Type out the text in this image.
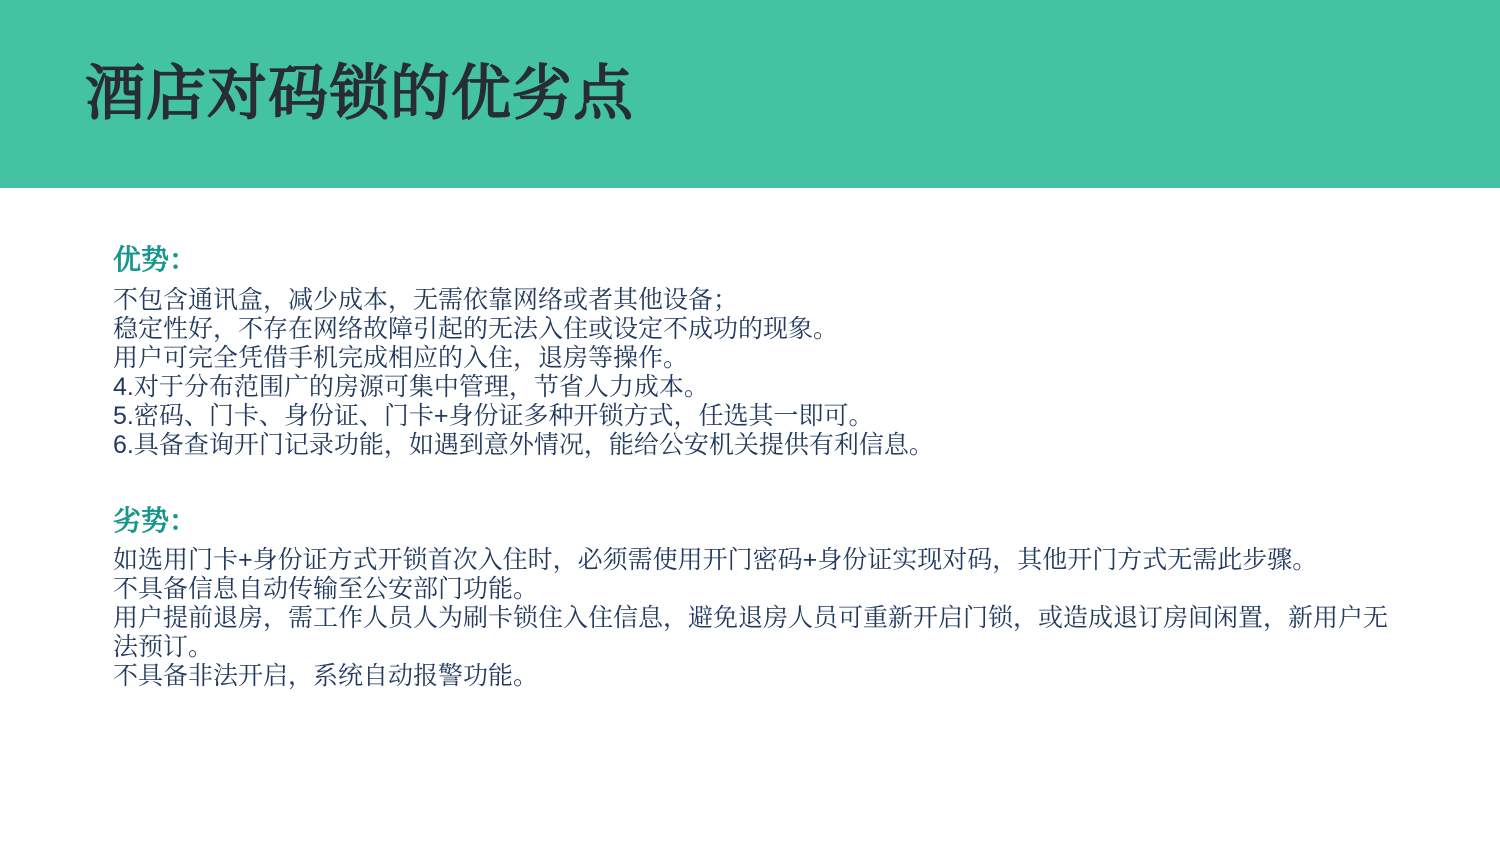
酒店对码锁的优劣点
优势：

不包含通讯盒，减少成本，无需依靠网络或者其他设备；

稳定性好，不存在网络故障引起的无法入住或设定不成功的现象。

用户可完全凭借手机完成相应的入住，退房等操作。

4.对于分布范围广的房源可集中管理，节省人力成本。

5.密码、门卡、身份证、门卡+身份证多种开锁方式，任选其一即可。

6.具备查询开门记录功能，如遇到意外情况，能给公安机关提供有利信息。

劣势：

如选用门卡+身份证方式开锁首次入住时，必须需使用开门密码+身份证实现对码，其他开门方式无需此步骤。

不具备信息自动传输至公安部门功能。

用户提前退房，需工作人员人为刷卡锁住入住信息，避免退房人员可重新开启门锁，或造成退订房间闲置，新用户无法预订。

不具备非法开启，系统自动报警功能。
